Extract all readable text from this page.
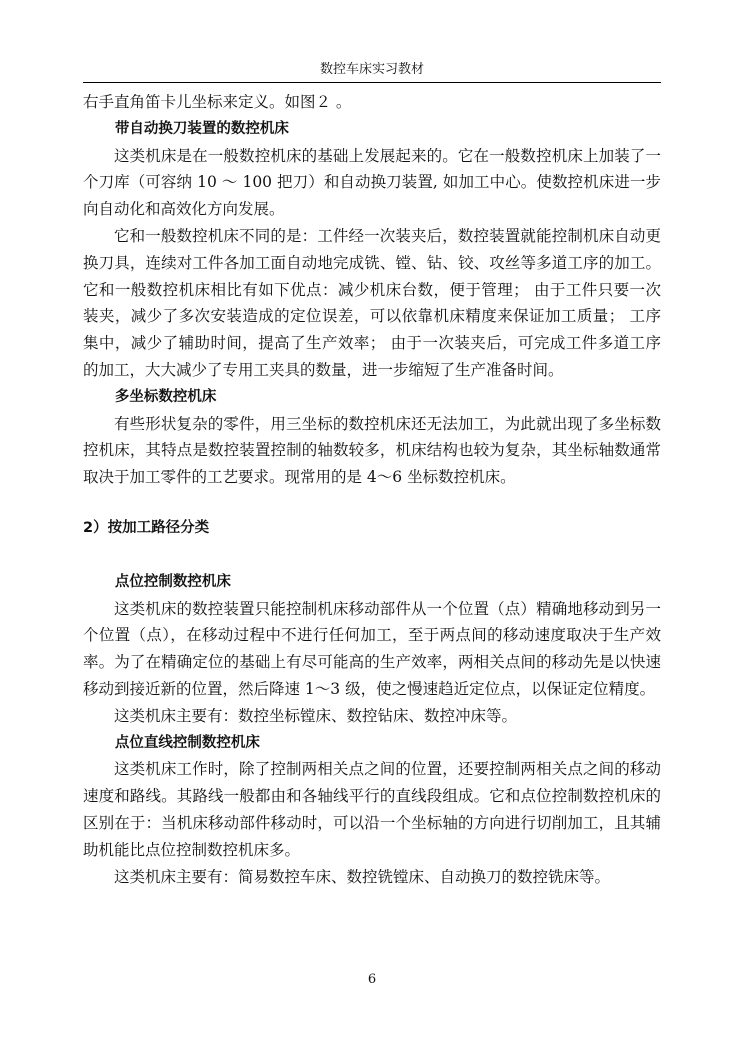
数控车床实习教材

右手直角笛卡儿坐标来定义。如图２ 。

带自动换刀装置的数控机床

这类机床是在一般数控机床的基础上发展起来的。它在一般数控机床上加装了一个刀库（可容纳 10 ～ 100 把刀）和自动换刀装置, 如加工中心。使数控机床进一步向自动化和高效化方向发展。

它和一般数控机床不同的是：工件经一次装夹后，数控装置就能控制机床自动更换刀具，连续对工件各加工面自动地完成铣、镗、钻、铰、攻丝等多道工序的加工。它和一般数控机床相比有如下优点：减少机床台数，便于管理； 由于工件只要一次装夹，减少了多次安装造成的定位误差，可以依靠机床精度来保证加工质量； 工序集中，减少了辅助时间，提高了生产效率； 由于一次装夹后，可完成工件多道工序的加工，大大减少了专用工夹具的数量，进一步缩短了生产准备时间。

多坐标数控机床

有些形状复杂的零件，用三坐标的数控机床还无法加工，为此就出现了多坐标数控机床，其特点是数控装置控制的轴数较多，机床结构也较为复杂，其坐标轴数通常取决于加工零件的工艺要求。现常用的是 4～6 坐标数控机床。

2）按加工路径分类
点位控制数控机床

这类机床的数控装置只能控制机床移动部件从一个位置（点）精确地移动到另一个位置（点），在移动过程中不进行任何加工，至于两点间的移动速度取决于生产效率。为了在精确定位的基础上有尽可能高的生产效率，两相关点间的移动先是以快速移动到接近新的位置，然后降速 1～3 级，使之慢速趋近定位点，以保证定位精度。

这类机床主要有：数控坐标镗床、数控钻床、数控冲床等。

点位直线控制数控机床

这类机床工作时，除了控制两相关点之间的位置，还要控制两相关点之间的移动速度和路线。其路线一般都由和各轴线平行的直线段组成。它和点位控制数控机床的区别在于：当机床移动部件移动时，可以沿一个坐标轴的方向进行切削加工，且其辅助机能比点位控制数控机床多。

这类机床主要有：简易数控车床、数控铣镗床、自动换刀的数控铣床等。

6
